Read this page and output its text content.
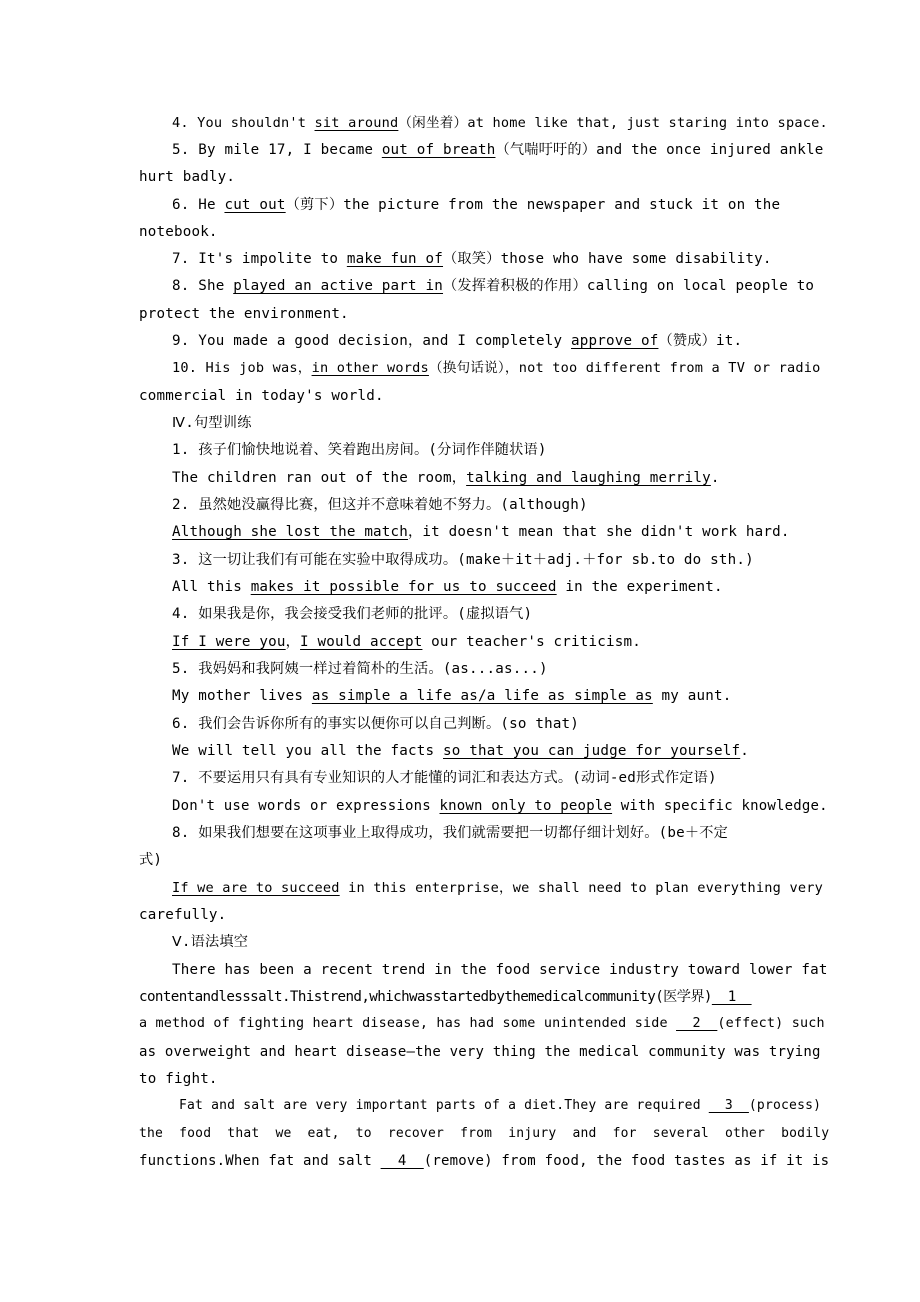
4. You shouldn't sit around（闲坐着）at home like that, just staring into space.
5. By mile 17, I became out of breath（气喘吁吁的）and the once injured ankle
hurt badly.
6. He cut out（剪下）the picture from the newspaper and stuck it on the
notebook.
7. It's impolite to make fun of（取笑）those who have some disability.
8. She played an active part in（发挥着积极的作用）calling on local people to
protect the environment.
9. You made a good decision，and I completely approve of（赞成）it.
10. His job was，in other words（换句话说），not too different from a TV or radio
commercial in today's world.
Ⅳ.句型训练
1. 孩子们愉快地说着、笑着跑出房间。(分词作伴随状语)
The children ran out of the room，talking and laughing merrily.
2. 虽然她没赢得比赛，但这并不意味着她不努力。(although)
Although she lost the match，it doesn't mean that she didn't work hard.
3. 这一切让我们有可能在实验中取得成功。(make＋it＋adj.＋for sb.to do sth.)
All this makes it possible for us to succeed in the experiment.
4. 如果我是你，我会接受我们老师的批评。(虚拟语气)
If I were you，I would accept our teacher's criticism.
5. 我妈妈和我阿姨一样过着简朴的生活。(as...as...)
My mother lives as simple a life as/a life as simple as my aunt.
6. 我们会告诉你所有的事实以便你可以自己判断。(so that)
We will tell you all the facts so that you can judge for yourself.
7. 不要运用只有具有专业知识的人才能懂的词汇和表达方式。(动词-ed形式作定语)
Don't use words or expressions known only to people with specific knowledge.
8. 如果我们想要在这项事业上取得成功，我们就需要把一切都仔细计划好。(be＋不定
式)
If we are to succeed in this enterprise，we shall need to plan everything very
carefully.
Ⅴ.语法填空
There has been a recent trend in the food service industry toward lower fat
contentandlesssalt.Thistrend,whichwasstartedbythemedicalcommunity(医学界)  1
a method of fighting heart disease, has had some unintended side   2  (effect) such
as overweight and heart disease—the very thing the medical community was trying
to fight.
Fat and salt are very important parts of a diet.They are required   3  (process)
the  food  that  we  eat,  to  recover  from  injury  and  for  several  other  bodily
functions.When fat and salt   4  (remove) from food, the food tastes as if it is
